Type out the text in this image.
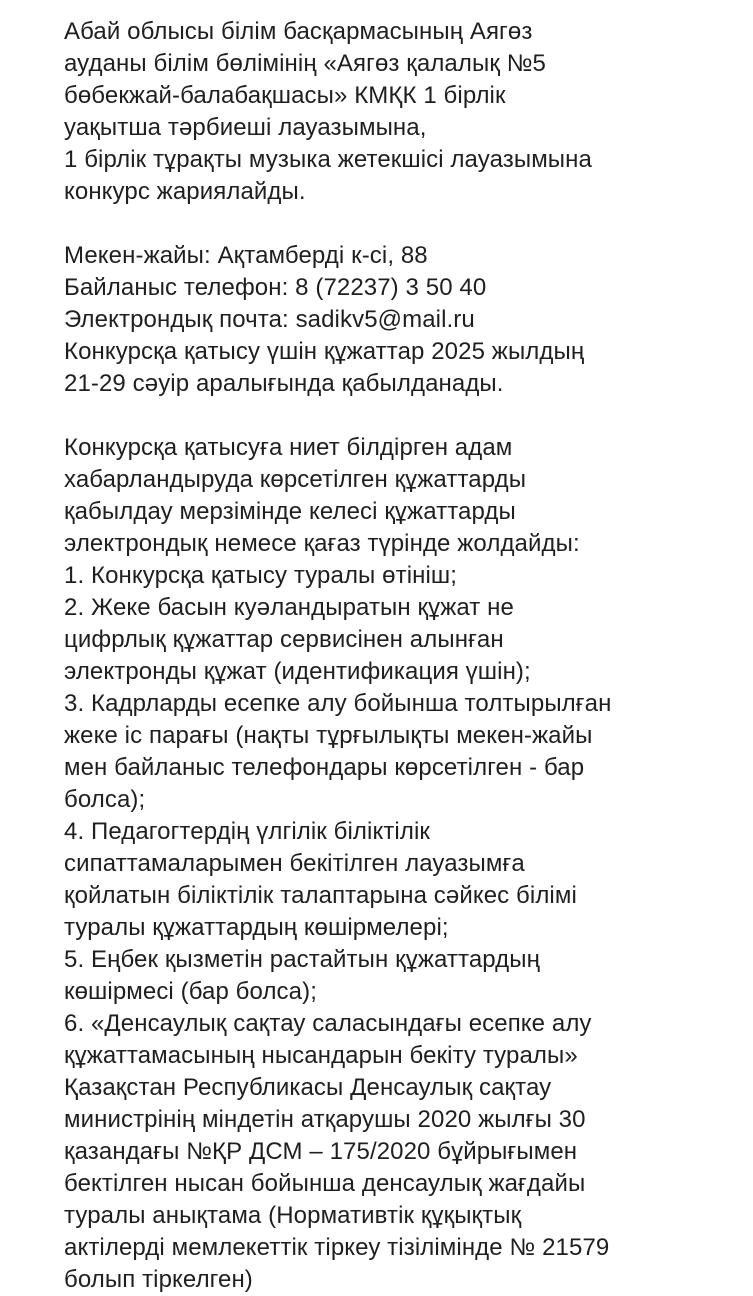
Абай облысы білім басқармасының Аягөз
ауданы білім бөлімінің «Аягөз қалалық №5
бөбекжай-балабақшасы» КМҚК 1 бірлік
уақытша тәрбиеші лауазымына,
1 бірлік тұрақты музыка жетекшісі лауазымына
конкурс жариялайды.
Мекен-жайы: Ақтамберді к-сі, 88
Байланыс телефон: 8 (72237) 3 50 40
Электрондық почта: sadikv5@mail.ru
Конкурсқа қатысу үшін құжаттар 2025 жылдың
21-29 сәуір аралығында қабылданады.
Конкурсқа қатысуға ниет білдірген адам
хабарландыруда көрсетілген құжаттарды
қабылдау мерзімінде келесі құжаттарды
электрондық немесе қағаз түрінде жолдайды:
1. Конкурсқа қатысу туралы өтініш;
2. Жеке басын куәландыратын құжат не
цифрлық құжаттар сервисінен алынған
электронды құжат (идентификация үшін);
3. Кадрларды есепке алу бойынша толтырылған
жеке іс парағы (нақты тұрғылықты мекен-жайы
мен байланыс телефондары көрсетілген - бар
болса);
4. Педагогтердің үлгілік біліктілік
сипаттамаларымен бекітілген лауазымға
қойлатын біліктілік талаптарына сәйкес білімі
туралы құжаттардың көшірмелері;
5. Еңбек қызметін растайтын құжаттардың
көшірмесі (бар болса);
6. «Денсаулық сақтау саласындағы есепке алу
құжаттамасының нысандарын бекіту туралы»
Қазақстан Республикасы Денсаулық сақтау
министрінің міндетін атқарушы 2020 жылғы 30
қазандағы №ҚР ДСМ – 175/2020 бұйрығымен
бектілген нысан бойынша денсаулық жағдайы
туралы анықтама (Нормативтік құқықтық
актілерді мемлекеттік тіркеу тізілімінде № 21579
болып тіркелген)
